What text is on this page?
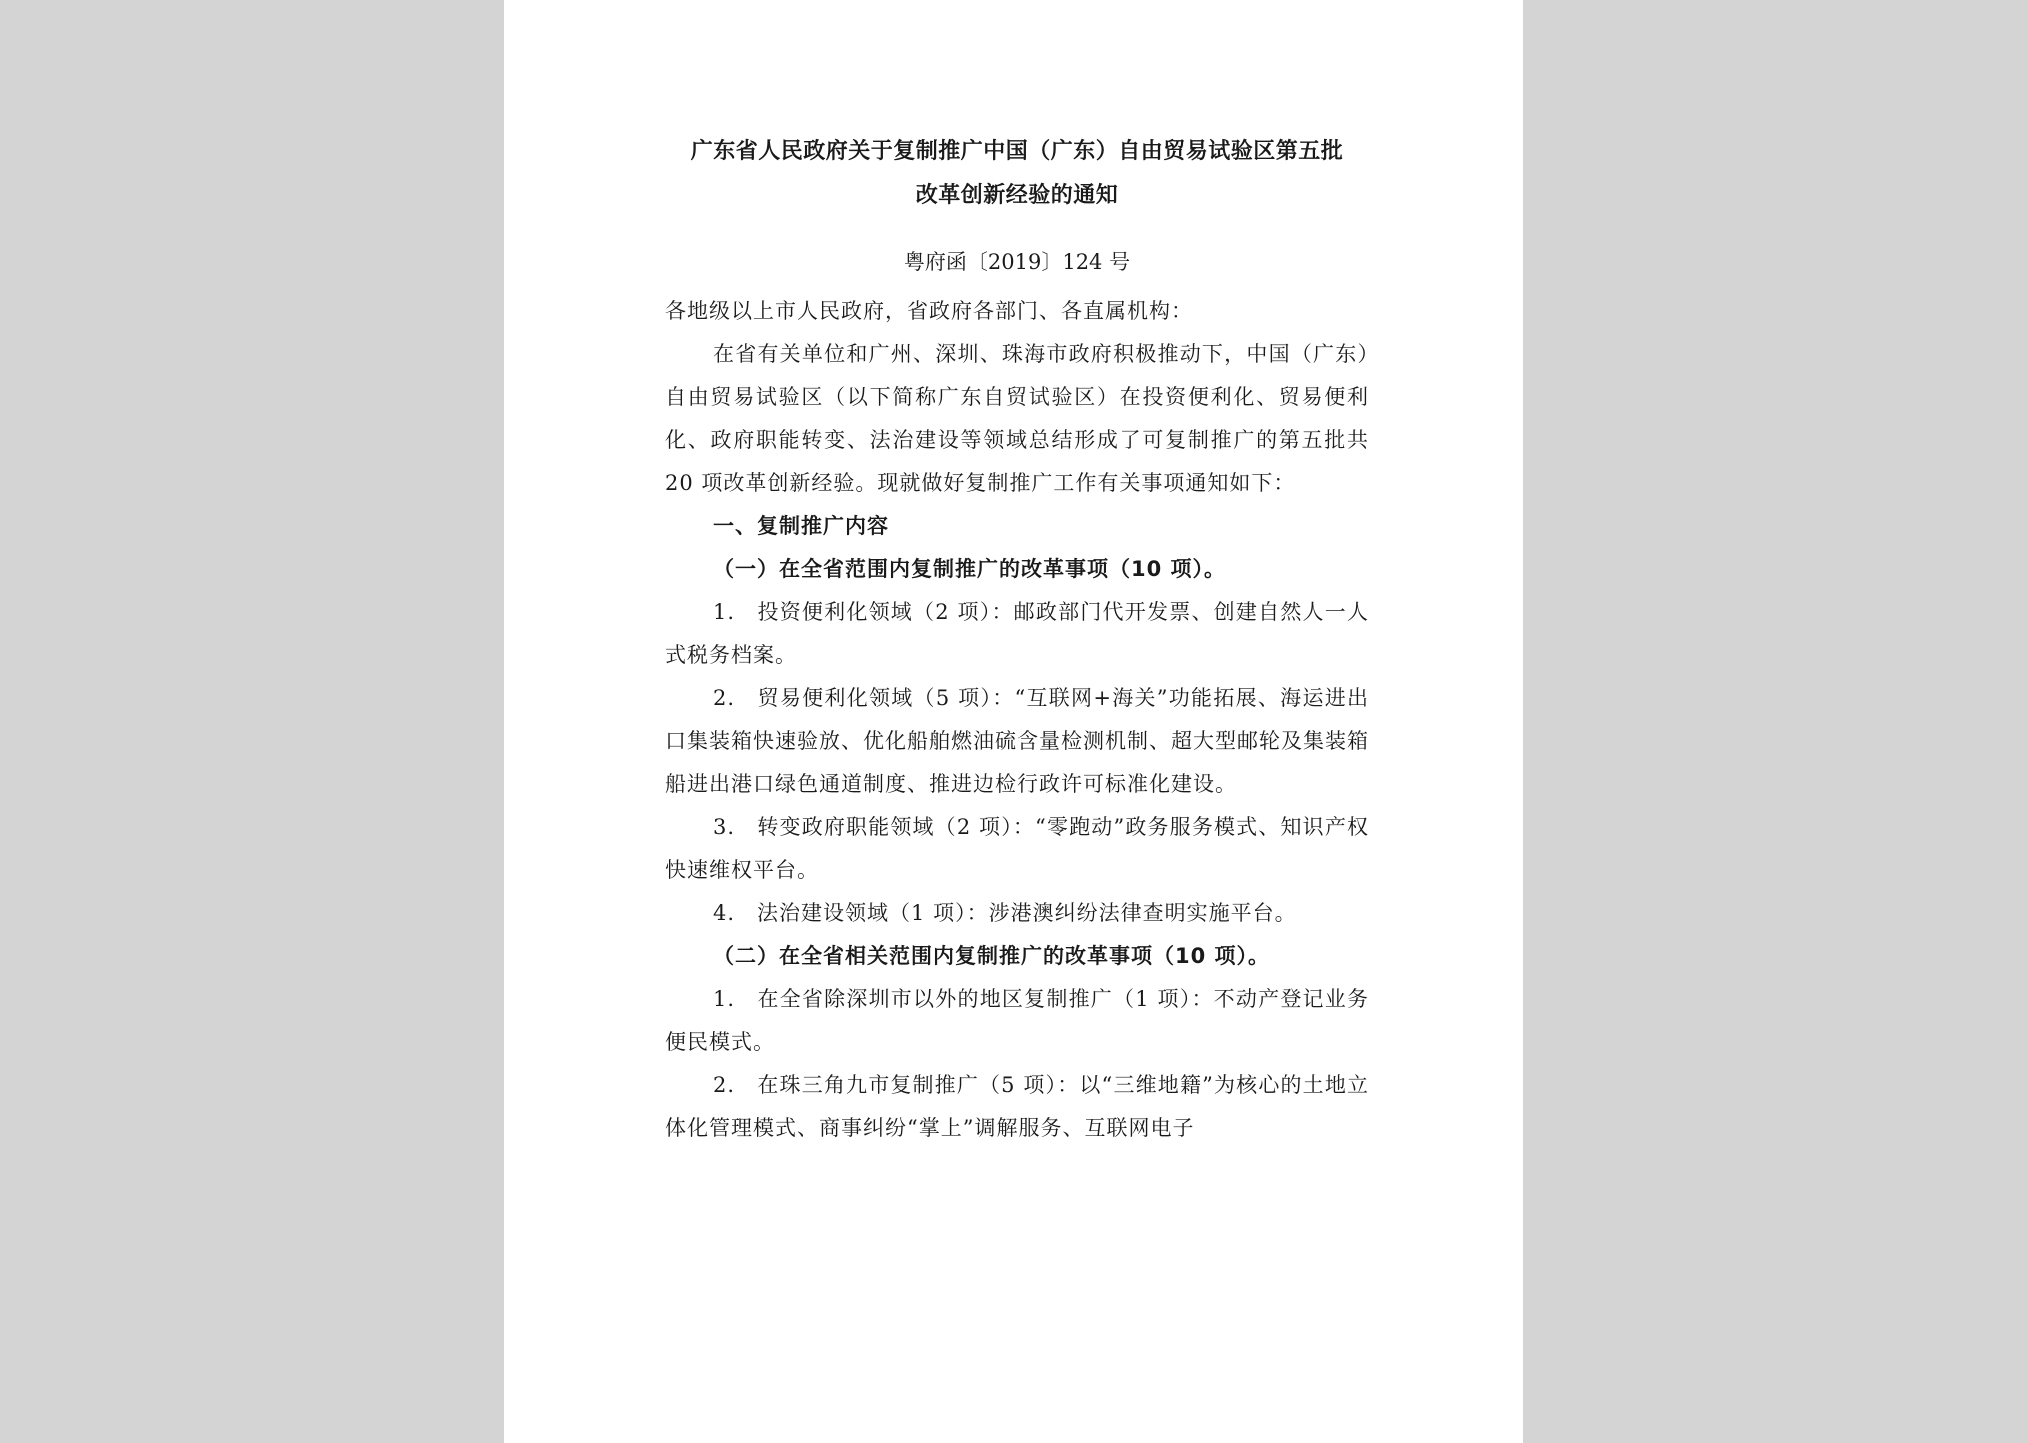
广东省人民政府关于复制推广中国（广东）自由贸易试验区第五批
改革创新经验的通知
粤府函〔2019〕124 号

各地级以上市人民政府，省政府各部门、各直属机构：

在省有关单位和广州、深圳、珠海市政府积极推动下，中国（广东）自由贸易试验区（以下简称广东自贸试验区）在投资便利化、贸易便利化、政府职能转变、法治建设等领域总结形成了可复制推广的第五批共 20 项改革创新经验。现就做好复制推广工作有关事项通知如下：

一、复制推广内容

（一）在全省范围内复制推广的改革事项（10 项）。

1.　投资便利化领域（2 项）：邮政部门代开发票、创建自然人一人式税务档案。

2.　贸易便利化领域（5 项）：“互联网+海关”功能拓展、海运进出口集装箱快速验放、优化船舶燃油硫含量检测机制、超大型邮轮及集装箱船进出港口绿色通道制度、推进边检行政许可标准化建设。

3.　转变政府职能领域（2 项）：“零跑动”政务服务模式、知识产权快速维权平台。

4.　法治建设领域（1 项）：涉港澳纠纷法律查明实施平台。

（二）在全省相关范围内复制推广的改革事项（10 项）。

1.　在全省除深圳市以外的地区复制推广（1 项）：不动产登记业务便民模式。

2.　在珠三角九市复制推广（5 项）：以“三维地籍”为核心的土地立体化管理模式、商事纠纷“掌上”调解服务、互联网电子
